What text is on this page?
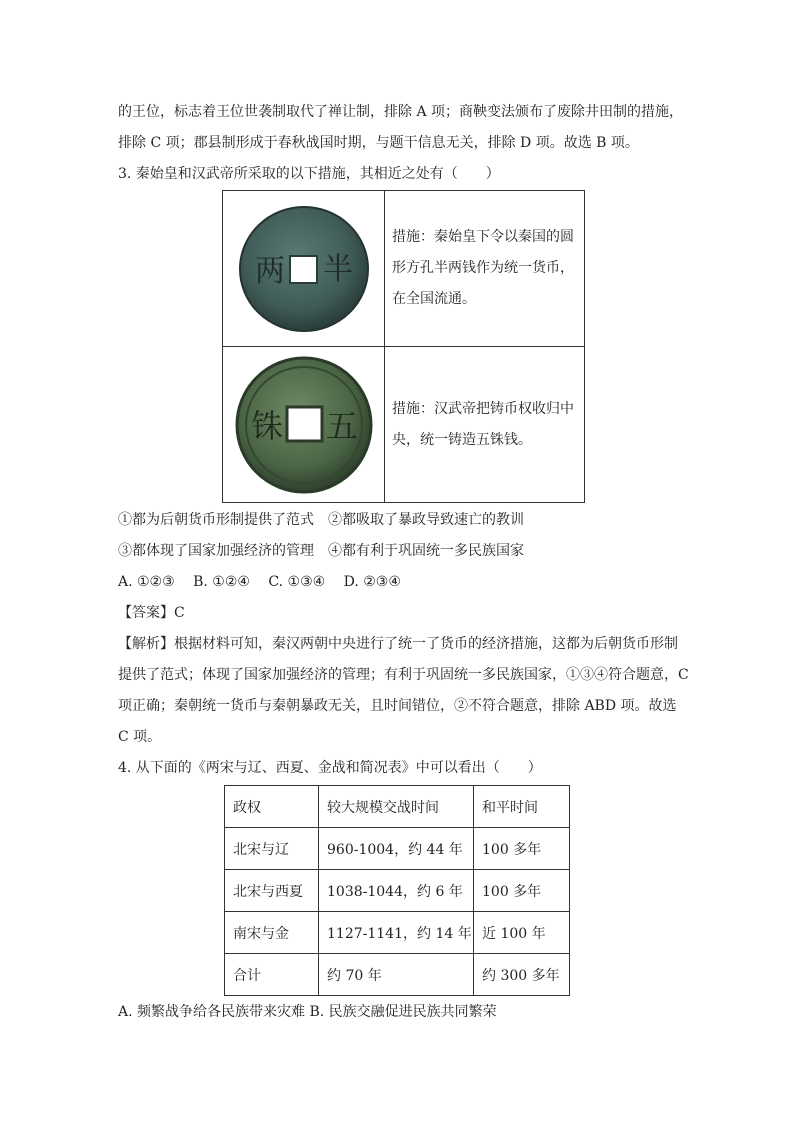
的王位，标志着王位世袭制取代了禅让制，排除 A 项；商鞅变法颁布了废除井田制的措施，
排除 C 项；郡县制形成于春秋战国时期，与题干信息无关，排除 D 项。故选 B 项。
3. 秦始皇和汉武帝所采取的以下措施，其相近之处有（　　）
半
两	措施：秦始皇下令以秦国的圆形方孔半两钱作为统一货币，在全国流通。

五
铢	措施：汉武帝把铸币权收归中央，统一铸造五铢钱。
①都为后朝货币形制提供了范式　②都吸取了暴政导致速亡的教训
③都体现了国家加强经济的管理　④都有利于巩固统一多民族国家
A. ①②③　 B. ①②④　 C. ①③④　 D. ②③④
【答案】C
【解析】根据材料可知，秦汉两朝中央进行了统一了货币的经济措施，这都为后朝货币形制
提供了范式；体现了国家加强经济的管理；有利于巩固统一多民族国家，①③④符合题意，C
项正确；秦朝统一货币与秦朝暴政无关，且时间错位，②不符合题意，排除 ABD 项。故选
C 项。
4. 从下面的《两宋与辽、西夏、金战和简况表》中可以看出（　　）
政权	较大规模交战时间	和平时间
北宋与辽	960-1004，约 44 年	100 多年
北宋与西夏	1038-1044，约 6 年	100 多年
南宋与金	1127-1141，约 14 年	近 100 年
合计	约 70 年	约 300 多年
A. 频繁战争给各民族带来灾难 B. 民族交融促进民族共同繁荣
